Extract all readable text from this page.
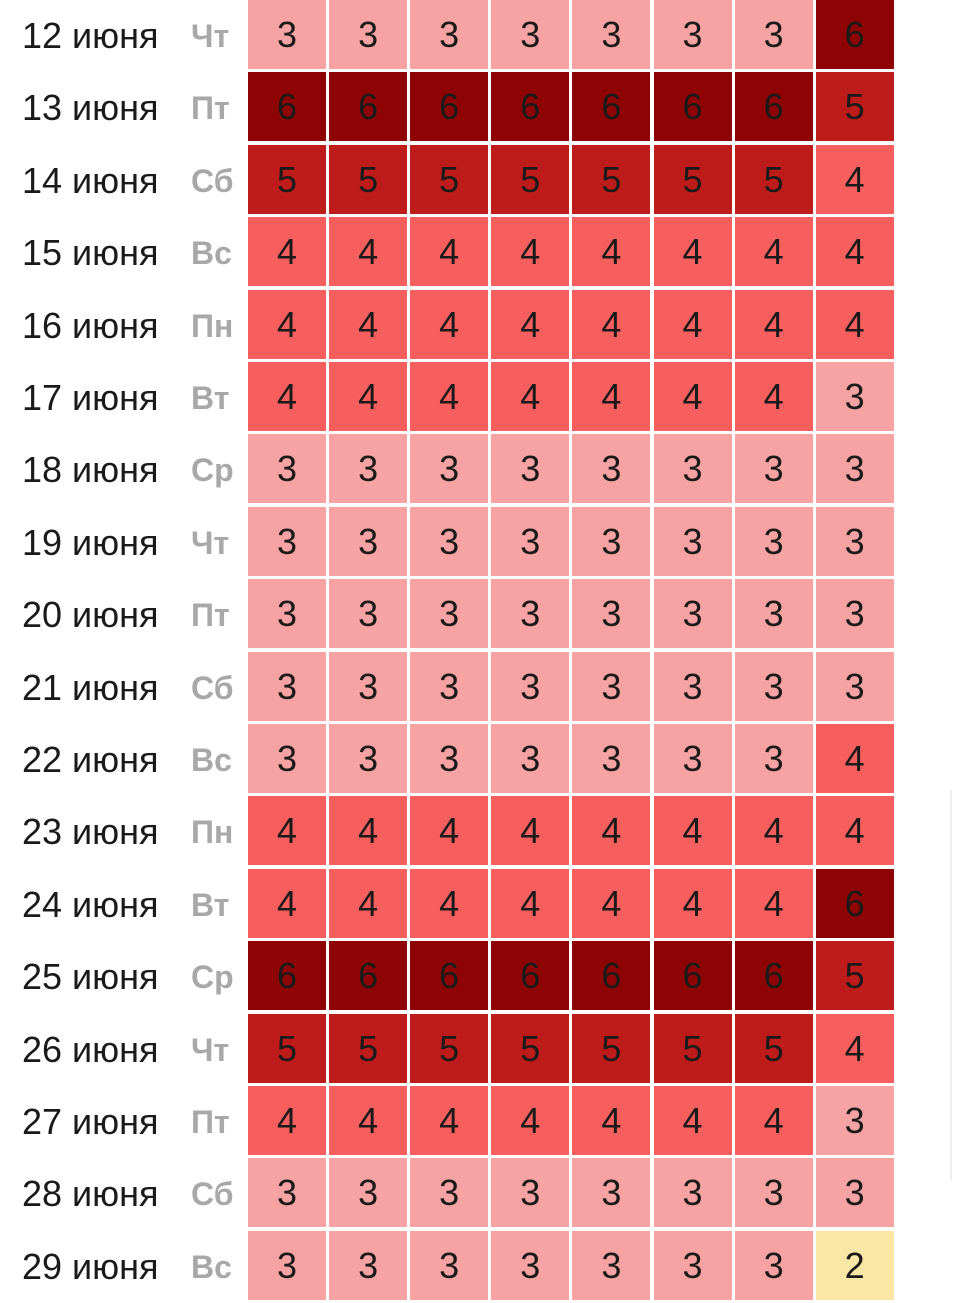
12 июня Чт	3	3	3	3	3	3	3	6
13 июня Пт	6	6	6	6	6	6	6	5
14 июня Сб	5	5	5	5	5	5	5	4
15 июня Вс	4	4	4	4	4	4	4	4
16 июня Пн	4	4	4	4	4	4	4	4
17 июня Вт	4	4	4	4	4	4	4	3
18 июня Ср	3	3	3	3	3	3	3	3
19 июня Чт	3	3	3	3	3	3	3	3
20 июня Пт	3	3	3	3	3	3	3	3
21 июня Сб	3	3	3	3	3	3	3	3
22 июня Вс	3	3	3	3	3	3	3	4
23 июня Пн	4	4	4	4	4	4	4	4
24 июня Вт	4	4	4	4	4	4	4	6
25 июня Ср	6	6	6	6	6	6	6	5
26 июня Чт	5	5	5	5	5	5	5	4
27 июня Пт	4	4	4	4	4	4	4	3
28 июня Сб	3	3	3	3	3	3	3	3
29 июня Вс	3	3	3	3	3	3	3	2
